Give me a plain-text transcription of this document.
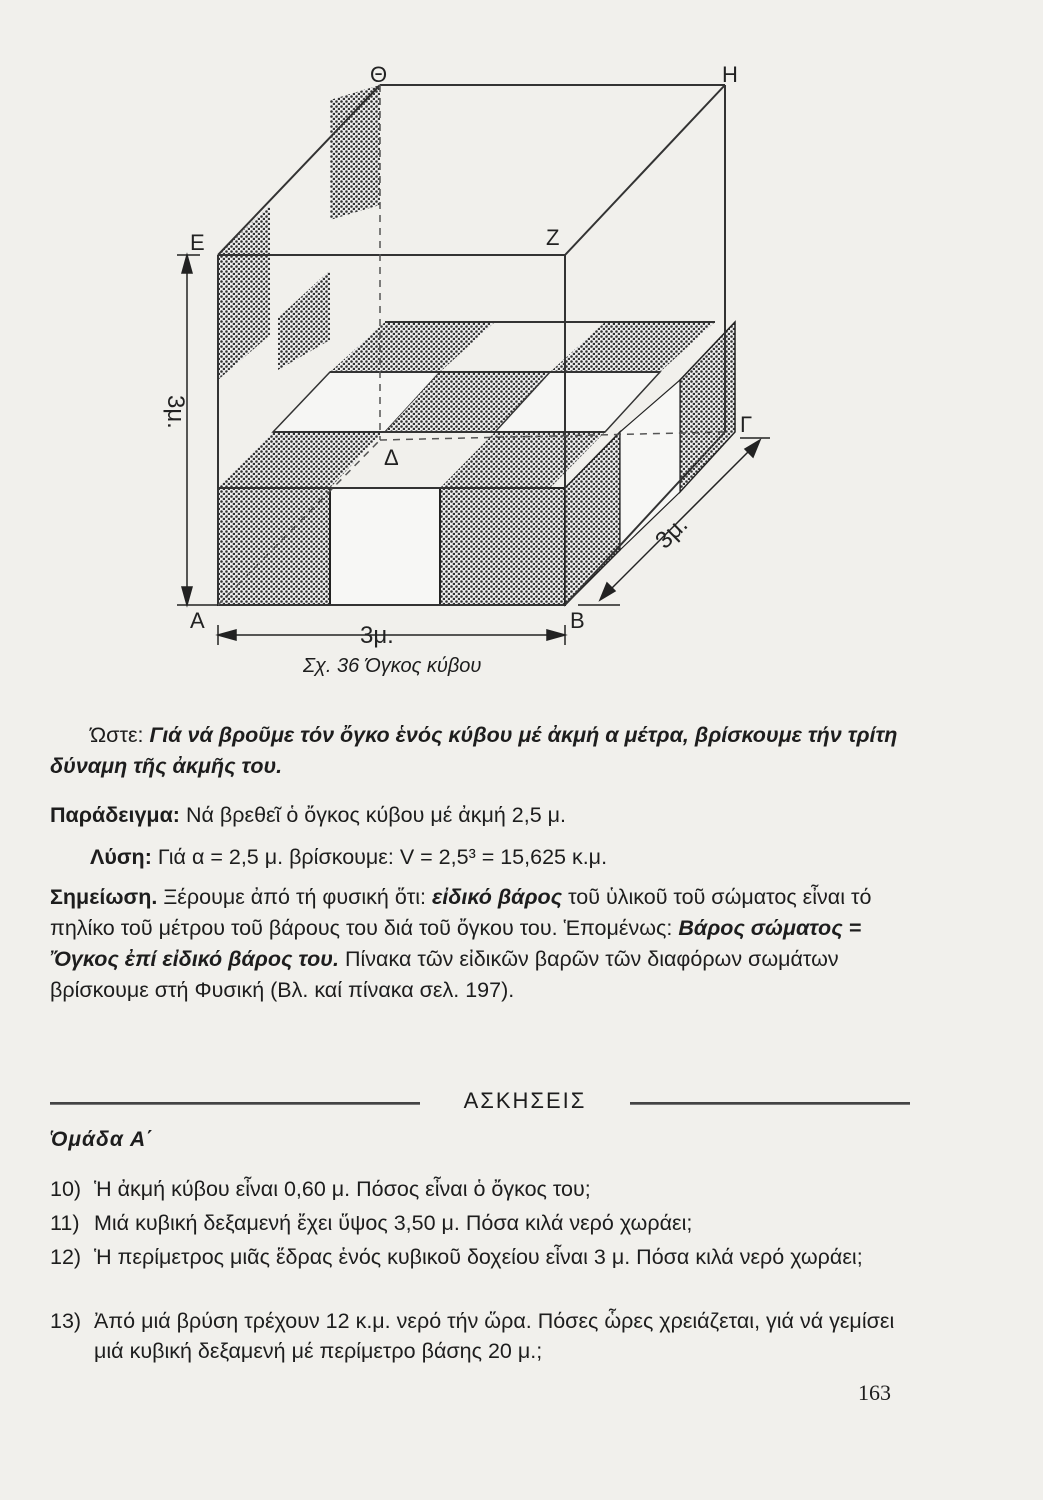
Α	Β
Γ
Δ
Ε	Ζ
Η
Θ
3μ.
3μ.
3μ.
Σχ. 36 Όγκος κύβου
Ώστε: Γιά νά βροῦμε τόν ὄγκο ἑνός κύβου μέ ἀκμή α μέτρα, βρίσκουμε τήν τρίτη δύναμη τῆς ἀκμῆς του.
Παράδειγμα: Νά βρεθεῖ ὁ ὄγκος κύβου μέ ἀκμή 2,5 μ.
Λύση: Γιά α = 2,5 μ. βρίσκουμε: V = 2,5³ = 15,625 κ.μ.
Σημείωση. Ξέρουμε ἀπό τή φυσική ὅτι: εἰδικό βάρος τοῦ ὑλικοῦ τοῦ σώματος εἶναι τό πηλίκο τοῦ μέτρου τοῦ βάρους του διά τοῦ ὄγκου του. Ἑπομένως: Βάρος σώματος = Ὄγκος ἐπί εἰδικό βάρος του. Πίνακα τῶν εἰδικῶν βαρῶν τῶν διαφόρων σωμάτων βρίσκουμε στή Φυσική (Βλ. καί πίνακα σελ. 197).
ΑΣΚΗΣΕΙΣ
Ὁμάδα Α΄
10) Ἡ ἀκμή κύβου εἶναι 0,60 μ. Πόσος εἶναι ὁ ὄγκος του;
11) Μιά κυβική δεξαμενή ἔχει ὕψος 3,50 μ. Πόσα κιλά νερό χωράει;
12) Ἡ περίμετρος μιᾶς ἕδρας ἑνός κυβικοῦ δοχείου εἶναι 3 μ. Πόσα κιλά νερό χωράει;
13) Ἀπό μιά βρύση τρέχουν 12 κ.μ. νερό τήν ὥρα. Πόσες ὧρες χρειάζεται, γιά νά γεμίσει μιά κυβική δεξαμενή μέ περίμετρο βάσης 20 μ.;
163
